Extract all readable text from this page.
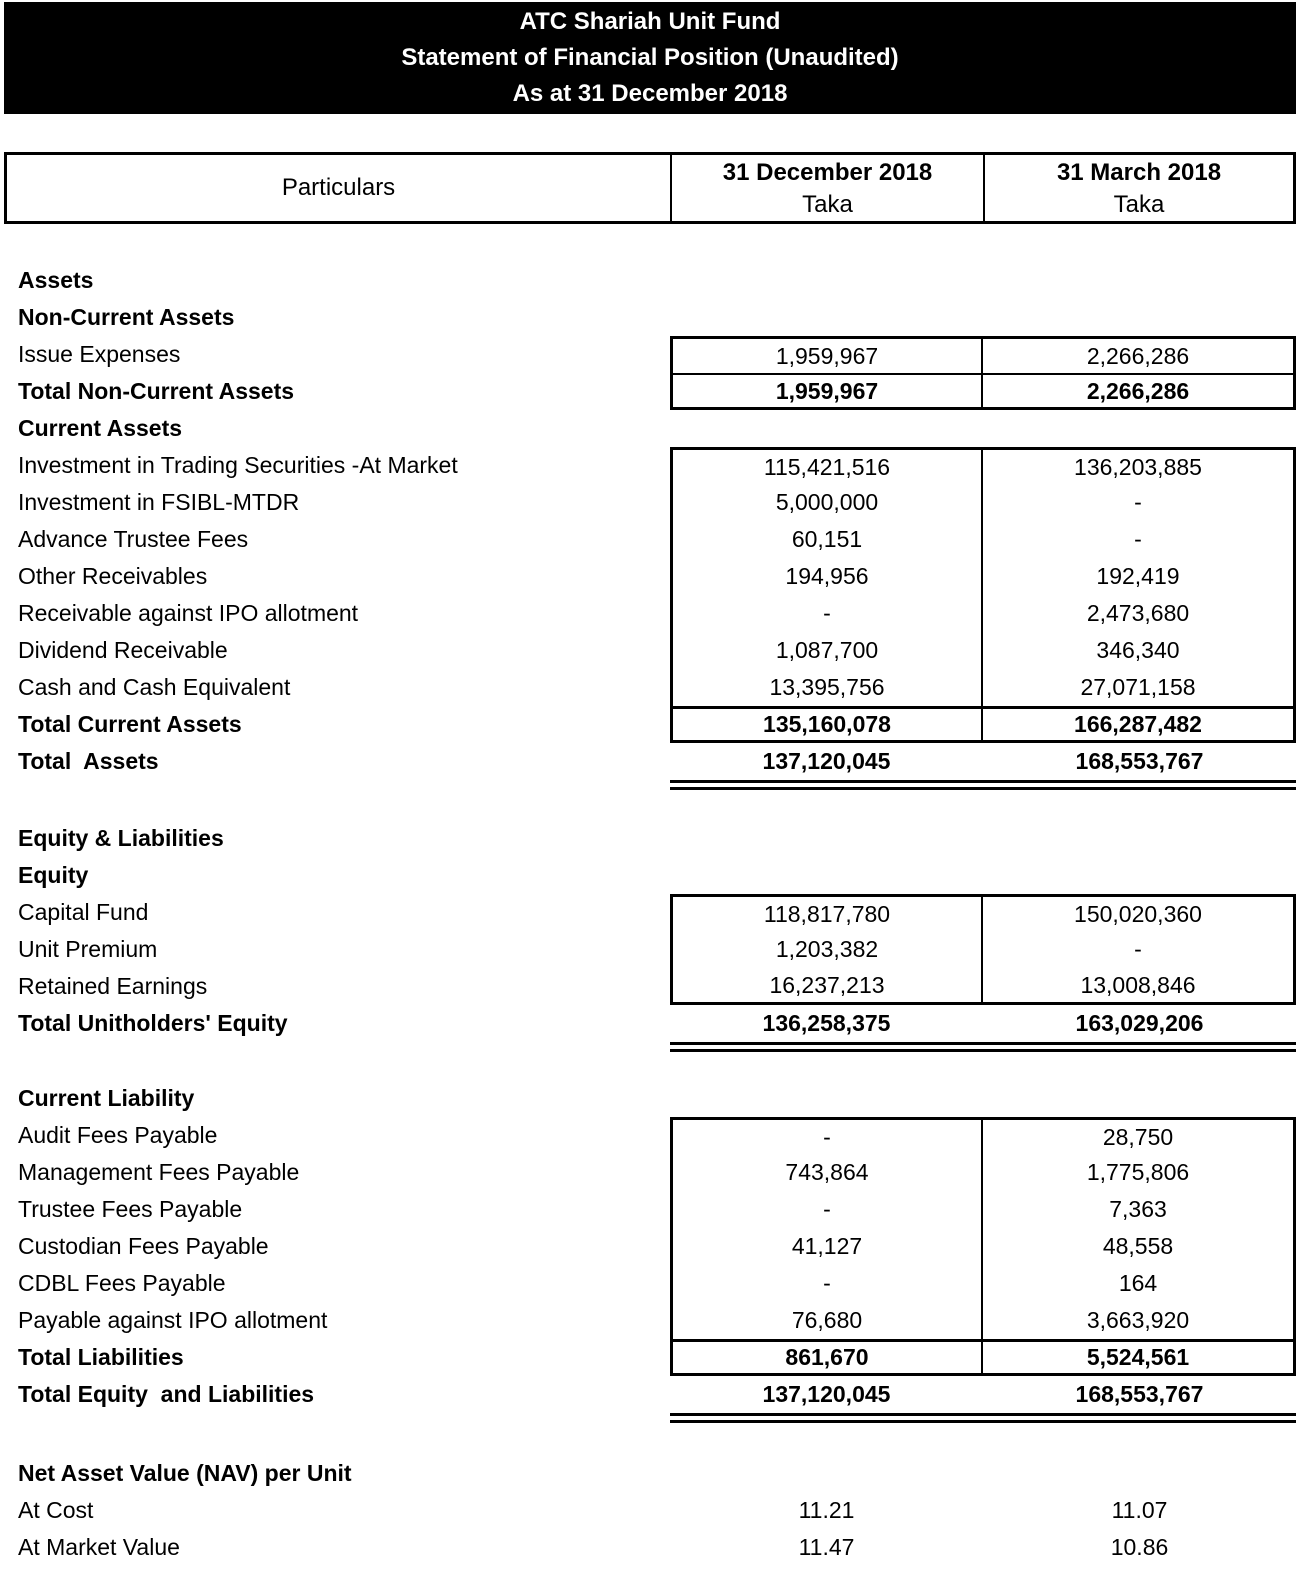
ATC Shariah Unit Fund
Statement of Financial Position (Unaudited)
As at 31 December 2018
Particulars
31 December 2018
Taka
31 March 2018
Taka
Assets
Non-Current Assets
Issue Expenses	1,959,967	2,266,286
Total Non-Current Assets	1,959,967	2,266,286
Current Assets
Investment in Trading Securities -At Market	115,421,516	136,203,885
Investment in FSIBL-MTDR	5,000,000	-
Advance Trustee Fees	60,151	-
Other Receivables	194,956	192,419
Receivable against IPO allotment	-	2,473,680
Dividend Receivable	1,087,700	346,340
Cash and Cash Equivalent	13,395,756	27,071,158
Total Current Assets	135,160,078	166,287,482
Total  Assets	137,120,045	168,553,767
Equity & Liabilities
Equity
Capital Fund	118,817,780	150,020,360
Unit Premium	1,203,382	-
Retained Earnings	16,237,213	13,008,846
Total Unitholders' Equity	136,258,375	163,029,206
Current Liability
Audit Fees Payable	-	28,750
Management Fees Payable	743,864	1,775,806
Trustee Fees Payable	-	7,363
Custodian Fees Payable	41,127	48,558
CDBL Fees Payable	-	164
Payable against IPO allotment	76,680	3,663,920
Total Liabilities	861,670	5,524,561
Total Equity  and Liabilities	137,120,045	168,553,767
Net Asset Value (NAV) per Unit
At Cost	11.21	11.07
At Market Value	11.47	10.86
